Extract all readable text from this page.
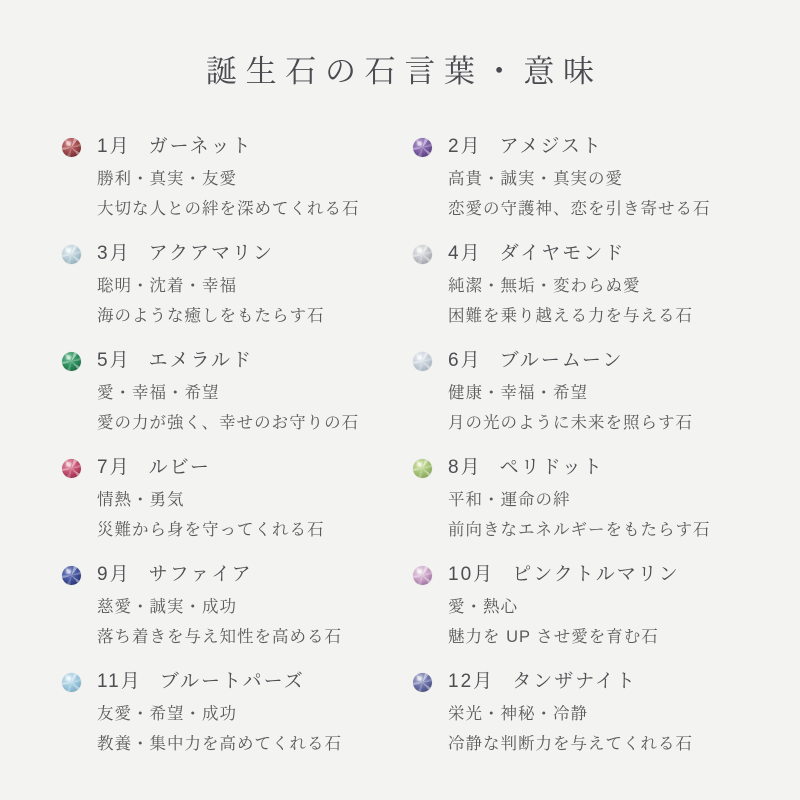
誕生石の石言葉・意味
1月 ガーネット
勝利・真実・友愛
大切な人との絆を深めてくれる石
2月 アメジスト
高貴・誠実・真実の愛
恋愛の守護神、恋を引き寄せる石
3月 アクアマリン
聡明・沈着・幸福
海のような癒しをもたらす石
4月 ダイヤモンド
純潔・無垢・変わらぬ愛
困難を乗り越える力を与える石
5月 エメラルド
愛・幸福・希望
愛の力が強く、幸せのお守りの石
6月 ブルームーン
健康・幸福・希望
月の光のように未来を照らす石
7月 ルビー
情熱・勇気
災難から身を守ってくれる石
8月 ペリドット
平和・運命の絆
前向きなエネルギーをもたらす石
9月 サファイア
慈愛・誠実・成功
落ち着きを与え知性を高める石
10月 ピンクトルマリン
愛・熱心
魅力を UP させ愛を育む石
11月 ブルートパーズ
友愛・希望・成功
教養・集中力を高めてくれる石
12月 タンザナイト
栄光・神秘・冷静
冷静な判断力を与えてくれる石
